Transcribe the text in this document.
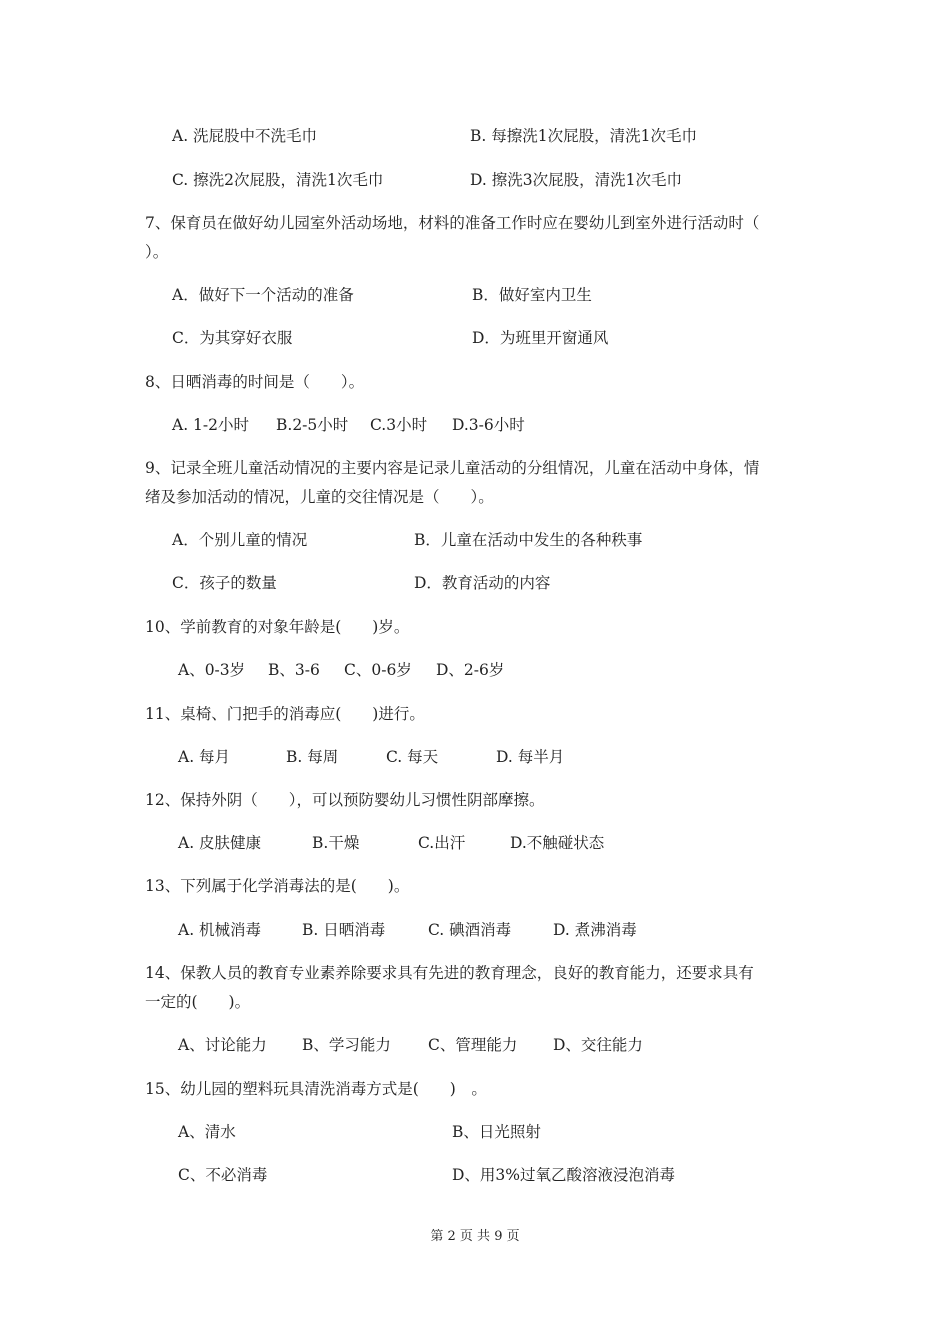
A. 洗屁股中不洗毛巾	B. 每擦洗1次屁股，清洗1次毛巾
C. 擦洗2次屁股，清洗1次毛巾	D. 擦洗3次屁股，清洗1次毛巾
7、保育员在做好幼儿园室外活动场地，材料的准备工作时应在婴幼儿到室外进行活动时（
）。
A．做好下一个活动的准备	B．做好室内卫生
C．为其穿好衣服	D．为班里开窗通风
8、日晒消毒的时间是（　　）。
A. 1-2小时 B.2-5小时 C.3小时 D.3-6小时
9、记录全班儿童活动情况的主要内容是记录儿童活动的分组情况，儿童在活动中身体，情
绪及参加活动的情况，儿童的交往情况是（　　）。
A．个别儿童的情况	B．儿童在活动中发生的各种秩事
C．孩子的数量	D．教育活动的内容
10、学前教育的对象年龄是(　　)岁。
A、0-3岁 B、3-6 C、0-6岁 D、2-6岁
11、桌椅、门把手的消毒应(　　)进行。
A. 每月	B. 每周	C. 每天	D. 每半月
12、保持外阴（　　），可以预防婴幼儿习惯性阴部摩擦。
A. 皮肤健康	B.干燥	C.出汗	D.不触碰状态
13、下列属于化学消毒法的是(　　)。
A. 机械消毒	B. 日晒消毒	C. 碘酒消毒	D. 煮沸消毒
14、保教人员的教育专业素养除要求具有先进的教育理念，良好的教育能力，还要求具有
一定的(　　)。
A、讨论能力 B、学习能力 C、管理能力 D、交往能力
15、幼儿园的塑料玩具清洗消毒方式是(　　)　。
A、清水	B、日光照射
C、不必消毒	D、用3%过氧乙酸溶液浸泡消毒
第 2 页 共 9 页
